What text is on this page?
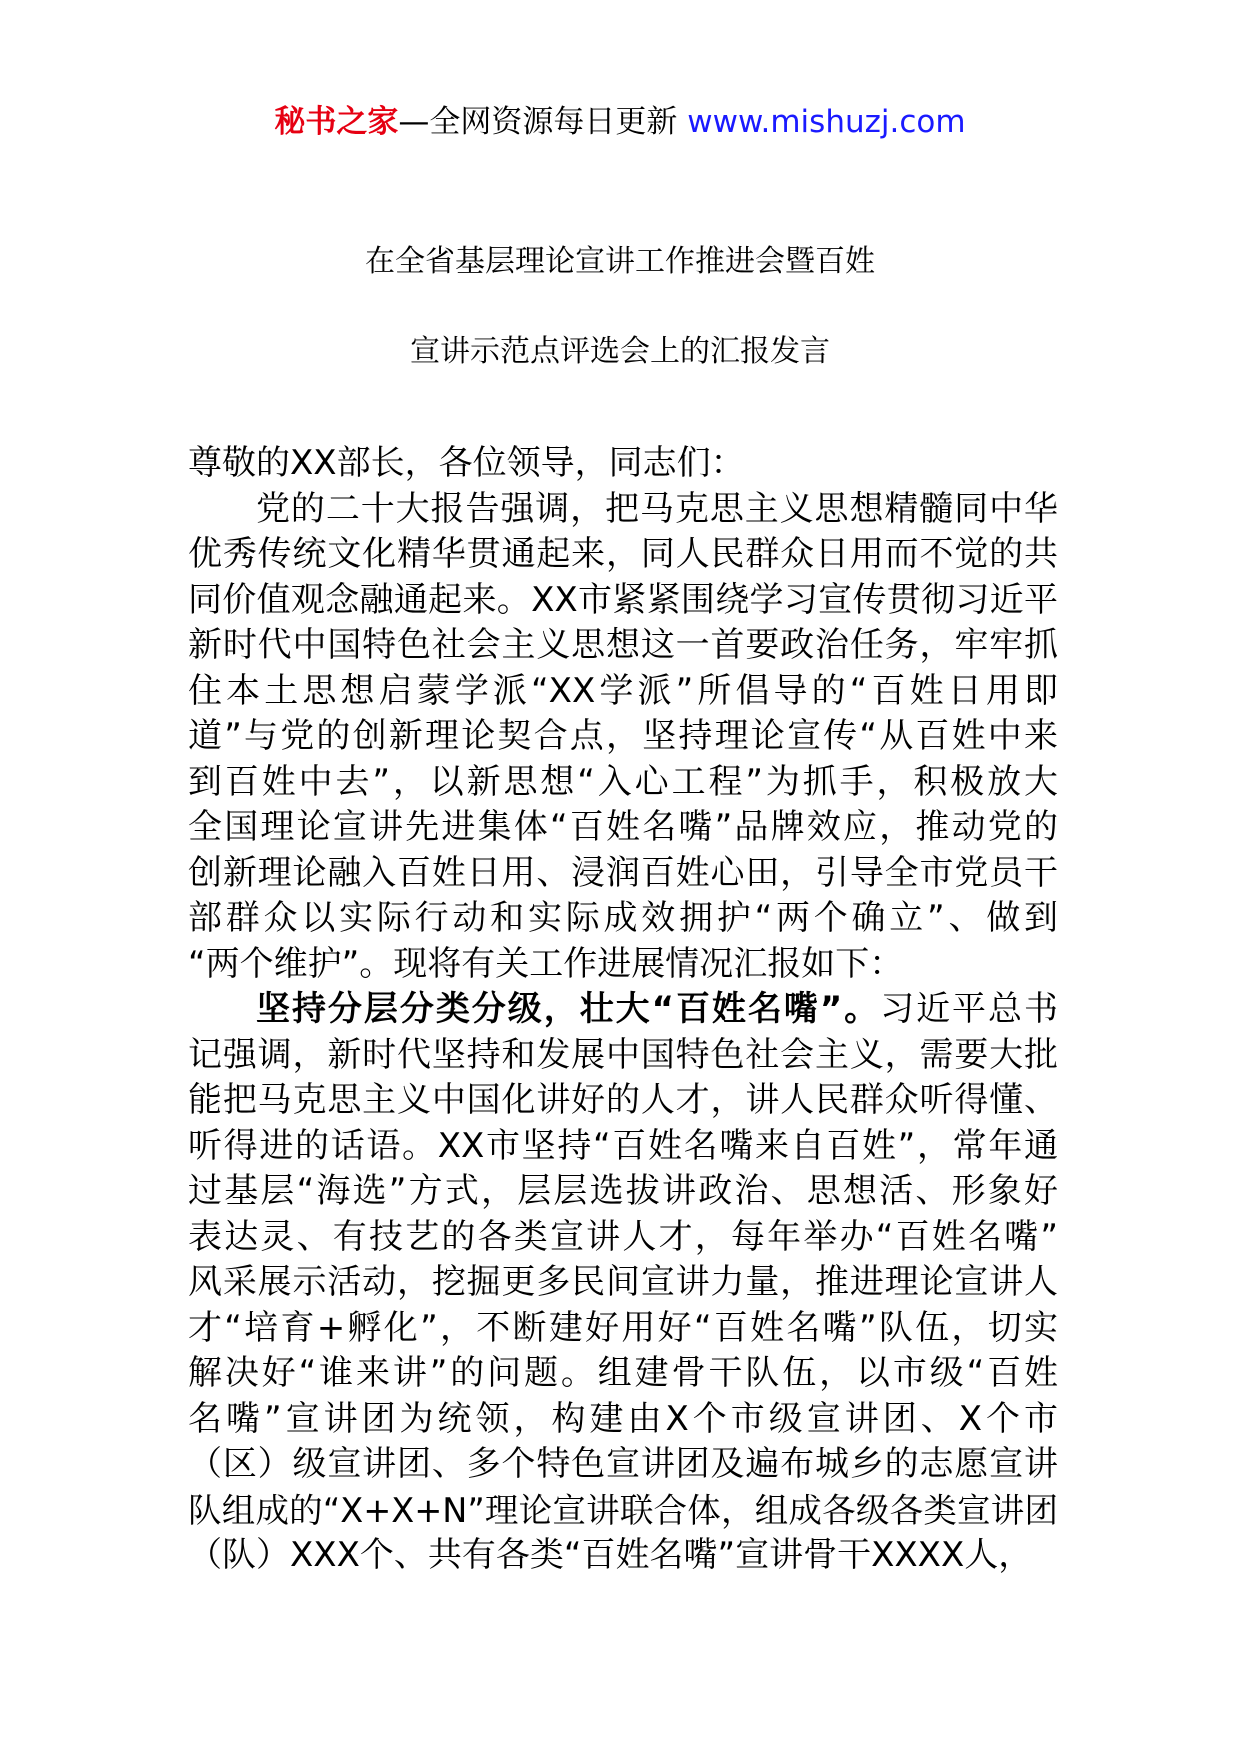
秘书之家—全网资源每日更新 www.mishuzj.com
在全省基层理论宣讲工作推进会暨百姓
宣讲示范点评选会上的汇报发言
尊敬的XX部长，各位领导，同志们：
党的二十大报告强调，把马克思主义思想精髓同中华
优秀传统文化精华贯通起来，同人民群众日用而不觉的共
同价值观念融通起来。XX市紧紧围绕学习宣传贯彻习近平
新时代中国特色社会主义思想这一首要政治任务，牢牢抓
住本土思想启蒙学派“XX学派”所倡导的“百姓日用即
道”与党的创新理论契合点，坚持理论宣传“从百姓中来
到百姓中去”，以新思想“入心工程”为抓手，积极放大
全国理论宣讲先进集体“百姓名嘴”品牌效应，推动党的
创新理论融入百姓日用、浸润百姓心田，引导全市党员干
部群众以实际行动和实际成效拥护“两个确立”、做到
“两个维护”。现将有关工作进展情况汇报如下：
坚持分层分类分级，壮大“百姓名嘴”。习近平总书
记强调，新时代坚持和发展中国特色社会主义，需要大批
能把马克思主义中国化讲好的人才，讲人民群众听得懂、
听得进的话语。XX市坚持“百姓名嘴来自百姓”，常年通
过基层“海选”方式，层层选拔讲政治、思想活、形象好
表达灵、有技艺的各类宣讲人才，每年举办“百姓名嘴”
风采展示活动，挖掘更多民间宣讲力量，推进理论宣讲人
才“培育+孵化”，不断建好用好“百姓名嘴”队伍，切实
解决好“谁来讲”的问题。组建骨干队伍，以市级“百姓
名嘴”宣讲团为统领，构建由X个市级宣讲团、X个市
（区）级宣讲团、多个特色宣讲团及遍布城乡的志愿宣讲
队组成的“X+X+N”理论宣讲联合体，组成各级各类宣讲团
（队）XXX个、共有各类“百姓名嘴”宣讲骨干XXXX人，
